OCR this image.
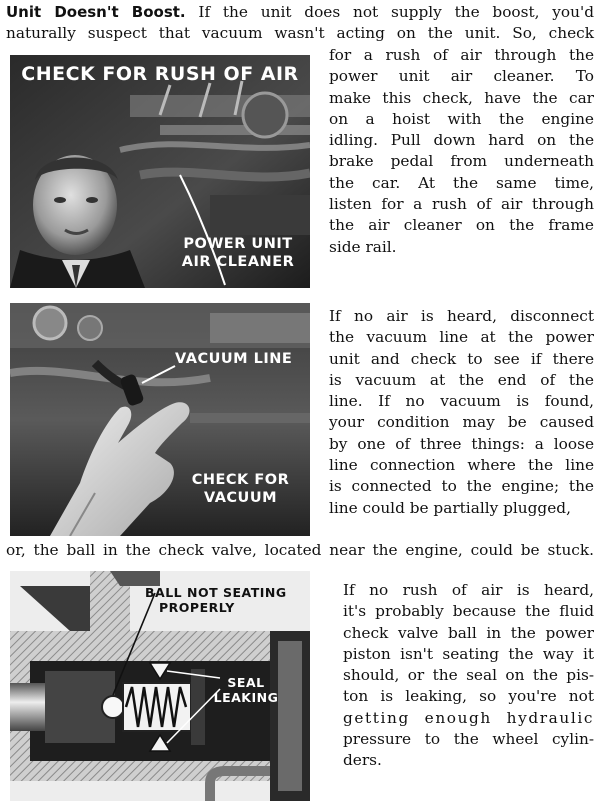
Unit Doesn't Boost. If the unit does not supply the boost, you'd
naturally suspect that vacuum wasn't acting on the unit. So, check
for a rush of air through the
power unit air cleaner. To
make this check, have the car
on a hoist with the engine
idling. Pull down hard on the
brake pedal from underneath
the car. At the same time,
listen for a rush of air through
the air cleaner on the frame
side rail.
If no air is heard, disconnect
the vacuum line at the power
unit and check to see if there
is vacuum at the end of the
line. If no vacuum is found,
your condition may be caused
by one of three things: a loose
line connection where the line
is connected to the engine; the
line could be partially plugged,
or, the ball in the check valve, located near the engine, could be stuck.
If no rush of air is heard,
it's probably because the fluid
check valve ball in the power
piston isn't seating the way it
should, or the seal on the pis-
ton is leaking, so you're not
getting enough hydraulic
pressure to the wheel cylin-
ders.
CHECK FOR RUSH OF AIR
POWER UNIT
AIR CLEANER
VACUUM LINE
CHECK FOR
VACUUM
BALL NOT SEATING
PROPERLY
SEAL
LEAKING
